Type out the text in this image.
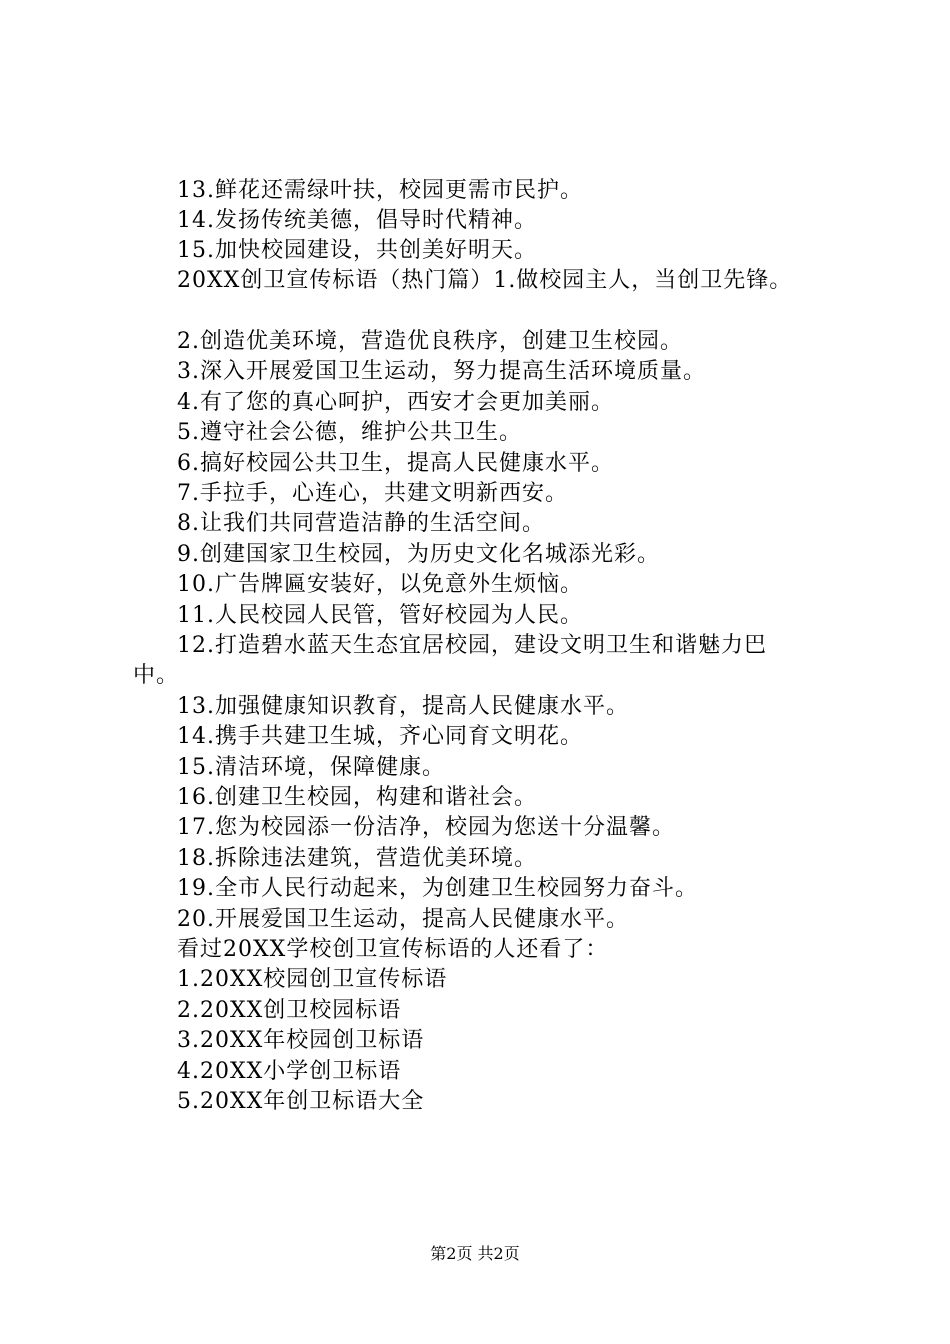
13.鲜花还需绿叶扶，校园更需市民护。
14.发扬传统美德，倡导时代精神。
15.加快校园建设，共创美好明天。
20XX创卫宣传标语（热门篇）1.做校园主人，当创卫先锋。
2.创造优美环境，营造优良秩序，创建卫生校园。
3.深入开展爱国卫生运动，努力提高生活环境质量。
4.有了您的真心呵护，西安才会更加美丽。
5.遵守社会公德，维护公共卫生。
6.搞好校园公共卫生，提高人民健康水平。
7.手拉手，心连心，共建文明新西安。
8.让我们共同营造洁静的生活空间。
9.创建国家卫生校园，为历史文化名城添光彩。
10.广告牌匾安装好，以免意外生烦恼。
11.人民校园人民管，管好校园为人民。
12.打造碧水蓝天生态宜居校园，建设文明卫生和谐魅力巴
中。
13.加强健康知识教育，提高人民健康水平。
14.携手共建卫生城，齐心同育文明花。
15.清洁环境，保障健康。
16.创建卫生校园，构建和谐社会。
17.您为校园添一份洁净，校园为您送十分温馨。
18.拆除违法建筑，营造优美环境。
19.全市人民行动起来，为创建卫生校园努力奋斗。
20.开展爱国卫生运动，提高人民健康水平。
看过20XX学校创卫宣传标语的人还看了：
1.20XX校园创卫宣传标语
2.20XX创卫校园标语
3.20XX年校园创卫标语
4.20XX小学创卫标语
5.20XX年创卫标语大全
第2页 共2页
